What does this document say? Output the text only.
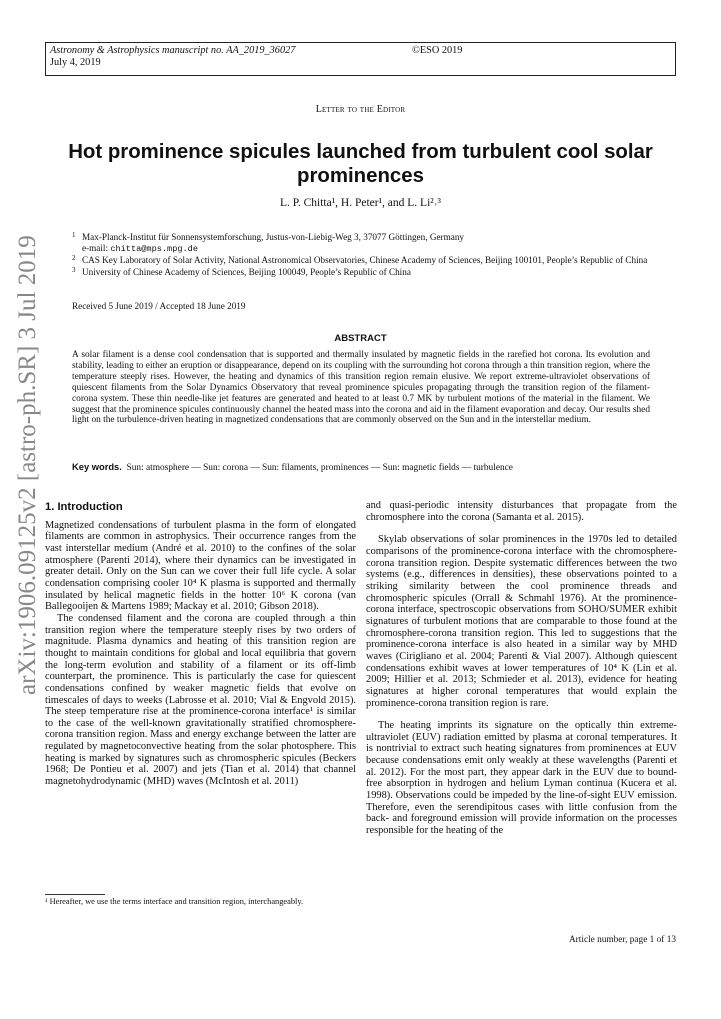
Astronomy & Astrophysics manuscript no. AA_2019_36027
July 4, 2019
©ESO 2019
Letter to the Editor
Hot prominence spicules launched from turbulent cool solar prominences
L. P. Chitta¹, H. Peter¹, and L. Li²˒³
1 Max-Planck-Institut für Sonnensystemforschung, Justus-von-Liebig-Weg 3, 37077 Göttingen, Germany
e-mail: chitta@mps.mpg.de
2 CAS Key Laboratory of Solar Activity, National Astronomical Observatories, Chinese Academy of Sciences, Beijing 100101, People’s Republic of China
3 University of Chinese Academy of Sciences, Beijing 100049, People’s Republic of China
Received 5 June 2019 / Accepted 18 June 2019
ABSTRACT
A solar filament is a dense cool condensation that is supported and thermally insulated by magnetic fields in the rarefied hot corona. Its evolution and stability, leading to either an eruption or disappearance, depend on its coupling with the surrounding hot corona through a thin transition region, where the temperature steeply rises. However, the heating and dynamics of this transition region remain elusive. We report extreme-ultraviolet observations of quiescent filaments from the Solar Dynamics Observatory that reveal prominence spicules propagating through the transition region of the filament-corona system. These thin needle-like jet features are generated and heated to at least 0.7 MK by turbulent motions of the material in the filament. We suggest that the prominence spicules continuously channel the heated mass into the corona and aid in the filament evaporation and decay. Our results shed light on the turbulence-driven heating in magnetized condensations that are commonly observed on the Sun and in the interstellar medium.
Key words. Sun: atmosphere — Sun: corona — Sun: filaments, prominences — Sun: magnetic fields — turbulence
arXiv:1906.09125v2 [astro-ph.SR] 3 Jul 2019 1. Introduction

Magnetized condensations of turbulent plasma in the form of elongated filaments are common in astrophysics. Their occurrence ranges from the vast interstellar medium (André et al. 2010) to the confines of the solar atmosphere (Parenti 2014), where their dynamics can be investigated in greater detail. Only on the Sun can we cover their full life cycle. A solar condensation comprising cooler 10⁴ K plasma is supported and thermally insulated by helical magnetic fields in the hotter 10⁶ K corona (van Ballegooijen & Martens 1989; Mackay et al. 2010; Gibson 2018).

The condensed filament and the corona are coupled through a thin transition region where the temperature steeply rises by two orders of magnitude. Plasma dynamics and heating of this transition region are thought to maintain conditions for global and local equilibria that govern the long-term evolution and stability of a filament or its off-limb counterpart, the prominence. This is particularly the case for quiescent condensations confined by weaker magnetic fields that evolve on timescales of days to weeks (Labrosse et al. 2010; Vial & Engvold 2015). The steep temperature rise at the prominence-corona interface¹ is similar to the case of the well-known gravitationally stratified chromosphere-corona transition region. Mass and energy exchange between the latter are regulated by magnetoconvective heating from the solar photosphere. This heating is marked by signatures such as chromospheric spicules (Beckers 1968; De Pontieu et al. 2007) and jets (Tian et al. 2014) that channel magnetohydrodynamic (MHD) waves (McIntosh et al. 2011)

and quasi-periodic intensity disturbances that propagate from the chromosphere into the corona (Samanta et al. 2015).

Skylab observations of solar prominences in the 1970s led to detailed comparisons of the prominence-corona interface with the chromosphere-corona transition region. Despite systematic differences between the two systems (e.g., differences in densities), these observations pointed to a striking similarity between the cool prominence threads and chromospheric spicules (Orrall & Schmahl 1976). At the prominence-corona interface, spectroscopic observations from SOHO/SUMER exhibit signatures of turbulent motions that are comparable to those found at the chromosphere-corona transition region. This led to suggestions that the prominence-corona interface is also heated in a similar way by MHD waves (Cirigliano et al. 2004; Parenti & Vial 2007). Although quiescent condensations exhibit waves at lower temperatures of 10⁴ K (Lin et al. 2009; Hillier et al. 2013; Schmieder et al. 2013), evidence for heating signatures at higher coronal temperatures that would explain the prominence-corona transition region is rare.

The heating imprints its signature on the optically thin extreme-ultraviolet (EUV) radiation emitted by plasma at coronal temperatures. It is nontrivial to extract such heating signatures from prominences at EUV because condensations emit only weakly at these wavelengths (Parenti et al. 2012). For the most part, they appear dark in the EUV due to bound-free absorption in hydrogen and helium Lyman continua (Kucera et al. 1998). Observations could be impeded by the line-of-sight EUV emission. Therefore, even the serendipitous cases with little confusion from the back- and foreground emission will provide information on the processes responsible for the heating of the

¹ Hereafter, we use the terms interface and transition region, interchangeably.
Article number, page 1 of 13
